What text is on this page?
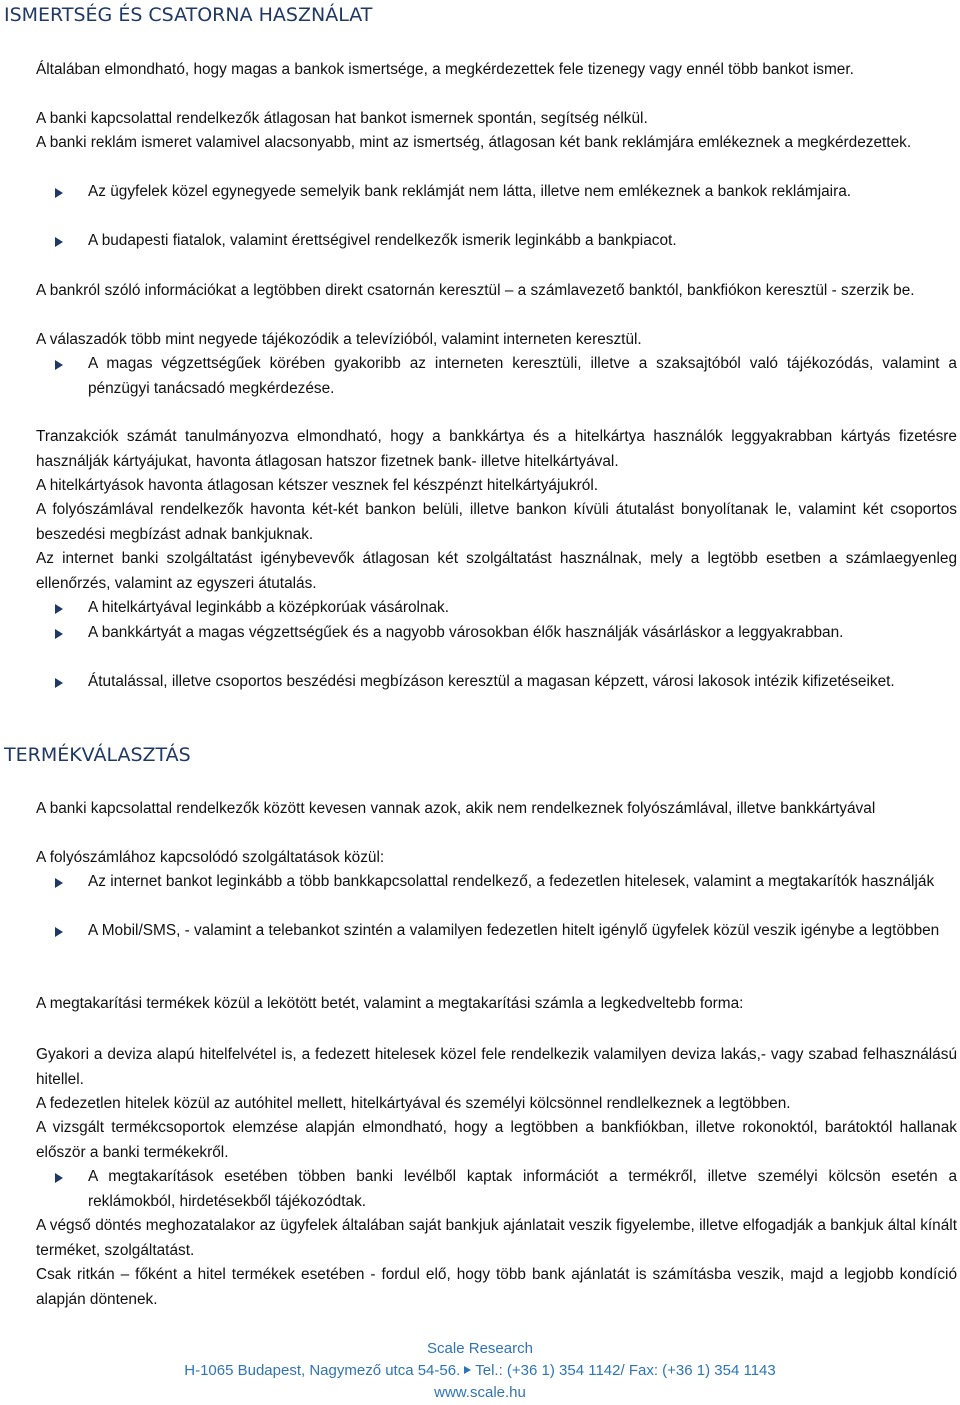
ISMERTSÉG ÉS CSATORNA HASZNÁLAT

Általában elmondható, hogy magas a bankok ismertsége, a megkérdezettek fele tizenegy vagy ennél több bankot ismer.

A banki kapcsolattal rendelkezők átlagosan hat bankot ismernek spontán, segítség nélkül.

A banki reklám ismeret valamivel alacsonyabb, mint az ismertség, átlagosan két bank reklámjára emlékeznek a megkérdezettek.

Az ügyfelek közel egynegyede semelyik bank reklámját nem látta, illetve nem emlékeznek a bankok reklámjaira.

A budapesti fiatalok, valamint érettségivel rendelkezők ismerik leginkább a bankpiacot.

A bankról szóló információkat a legtöbben direkt csatornán keresztül – a számlavezető banktól, bankfiókon keresztül - szerzik be.

A válaszadók több mint negyede tájékozódik a televízióból, valamint interneten keresztül.

A magas végzettségűek körében gyakoribb az interneten keresztüli, illetve a szaksajtóból való tájékozódás, valamint a pénzügyi tanácsadó megkérdezése.

Tranzakciók számát tanulmányozva elmondható, hogy a bankkártya és a hitelkártya használók leggyakrabban kártyás fizetésre használják kártyájukat, havonta átlagosan hatszor fizetnek bank- illetve hitelkártyával.

A hitelkártyások havonta átlagosan kétszer vesznek fel készpénzt hitelkártyájukról.

A folyószámlával rendelkezők havonta két-két bankon belüli, illetve bankon kívüli átutalást bonyolítanak le, valamint két csoportos beszedési megbízást adnak bankjuknak.

Az internet banki szolgáltatást igénybevevők átlagosan két szolgáltatást használnak, mely a legtöbb esetben a számlaegyenleg ellenőrzés, valamint az egyszeri átutalás.

A hitelkártyával leginkább a középkorúak vásárolnak.

A bankkártyát a magas végzettségűek és a nagyobb városokban élők használják vásárláskor a leggyakrabban.

Átutalással, illetve csoportos beszédési megbízáson keresztül a magasan képzett, városi lakosok intézik kifizetéseiket.

TERMÉKVÁLASZTÁS

A banki kapcsolattal rendelkezők között kevesen vannak azok, akik nem rendelkeznek folyószámlával, illetve bankkártyával

A folyószámlához kapcsolódó szolgáltatások közül:

Az internet bankot leginkább a több bankkapcsolattal rendelkező, a fedezetlen hitelesek, valamint a megtakarítók használják

A Mobil/SMS, - valamint a telebankot szintén a valamilyen fedezetlen hitelt igénylő ügyfelek közül veszik igénybe a legtöbben

A megtakarítási termékek közül a lekötött betét, valamint a megtakarítási számla a legkedveltebb forma:

Gyakori a deviza alapú hitelfelvétel is, a fedezett hitelesek közel fele rendelkezik valamilyen deviza lakás,- vagy szabad felhasználású hitellel.

A fedezetlen hitelek közül az autóhitel mellett, hitelkártyával és személyi kölcsönnel rendlelkeznek a legtöbben.

A vizsgált termékcsoportok elemzése alapján elmondható, hogy a legtöbben a bankfiókban, illetve rokonoktól, barátoktól hallanak először a banki termékekről.

A megtakarítások esetében többen banki levélből kaptak információt a termékről, illetve személyi kölcsön esetén a reklámokból, hirdetésekből tájékozódtak.

A végső döntés meghozatalakor az ügyfelek általában saját bankjuk ajánlatait veszik figyelembe, illetve elfogadják a bankjuk által kínált terméket, szolgáltatást.

Csak ritkán – főként a hitel termékek esetében - fordul elő, hogy több bank ajánlatát is számításba veszik, majd a legjobb kondíció alapján döntenek.

Scale Research
H-1065 Budapest, Nagymező utca 54-56. Tel.: (+36 1) 354 1142/ Fax: (+36 1) 354 1143
www.scale.hu
